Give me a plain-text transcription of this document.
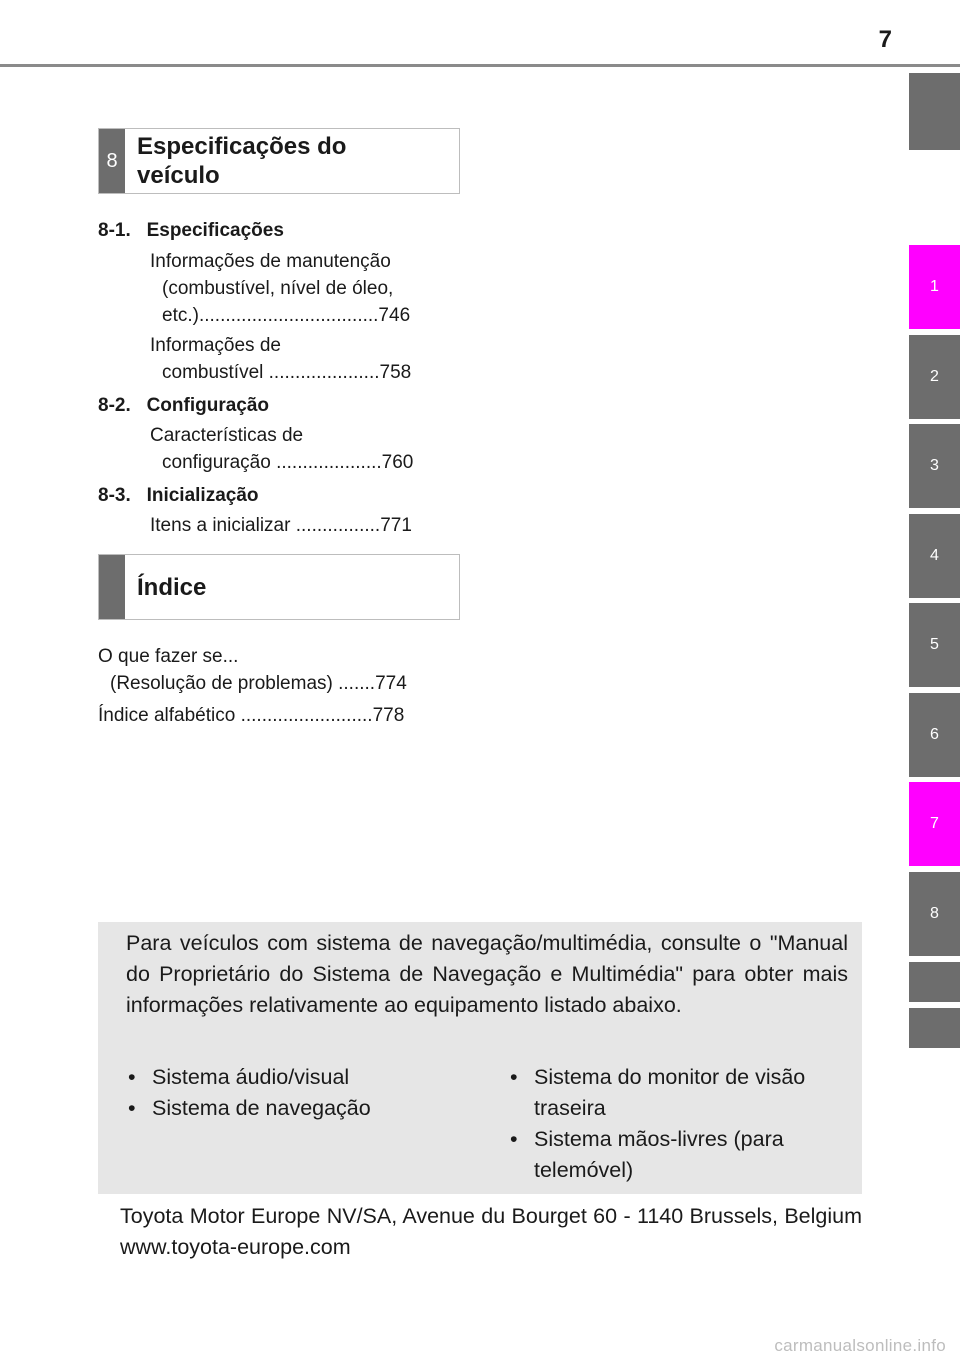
7
1
2
3
4
5
6
7
8
8
Especificações do
veículo

8-1.   Especificações

Informações de manutenção
(combustível, nível de óleo,
etc.)..................................746
Informações de
combustível .....................758

8-2.   Configuração

Características de
configuração ....................760

8-3.   Inicialização

Itens a inicializar ................771
Índice
O que fazer se...
(Resolução de problemas) .......774
Índice alfabético .........................778
Para veículos com sistema de navegação/multimédia, consulte o "Manual do Proprietário do Sistema de Navegação e Multimédia" para obter mais informações relativamente ao equipamento listado abaixo.
• Sistema áudio/visual
• Sistema de navegação
• Sistema do monitor de visão traseira
• Sistema mãos-livres (para telemóvel)
Toyota Motor Europe NV/SA, Avenue du Bourget 60 - 1140 Brussels, Belgium www.toyota-europe.com
carmanualsonline.info
